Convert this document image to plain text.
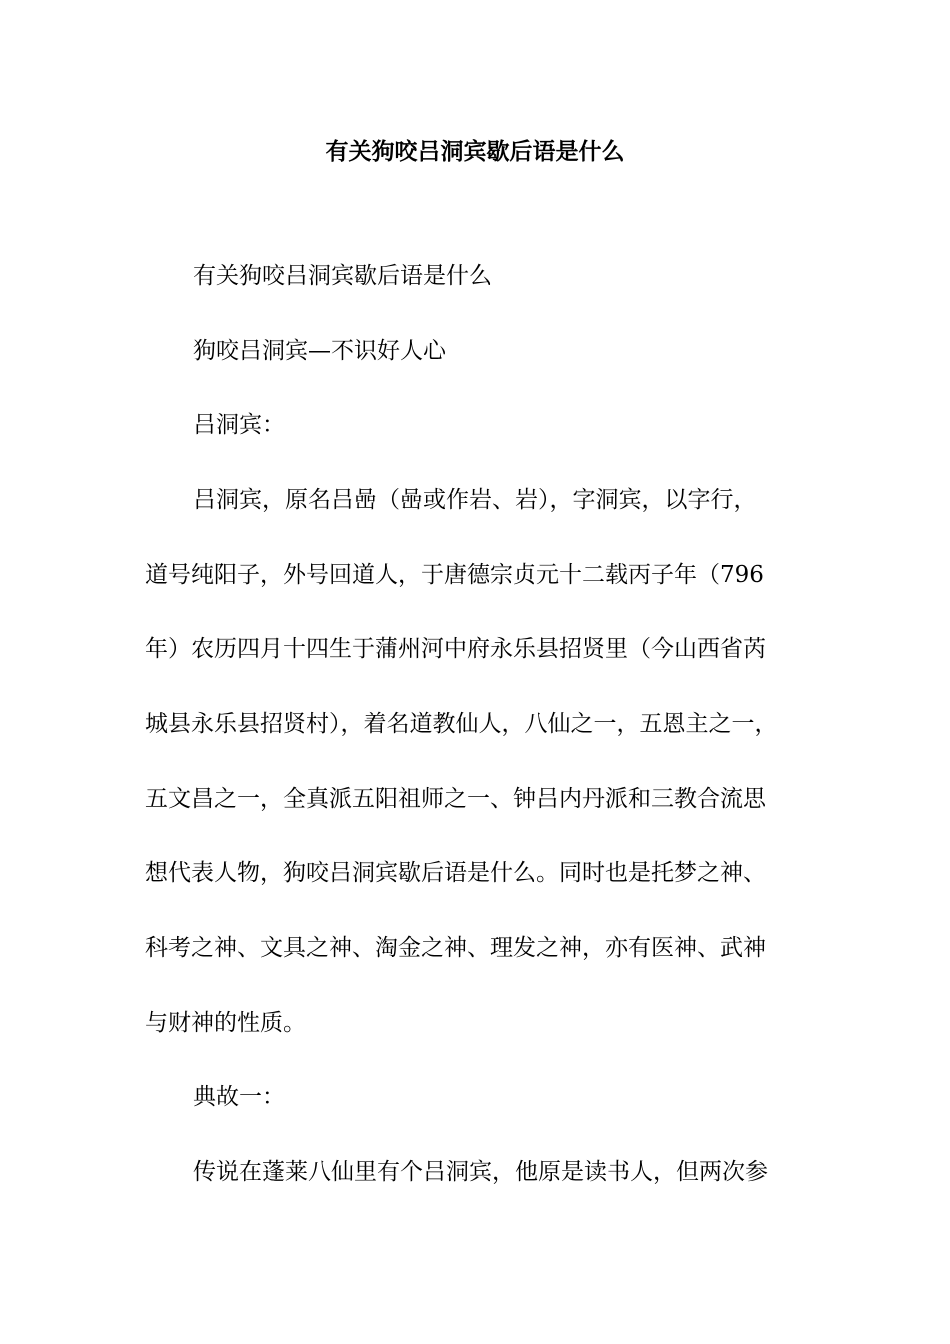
有关狗咬吕洞宾歇后语是什么

有关狗咬吕洞宾歇后语是什么

狗咬吕洞宾—不识好人心

吕洞宾：

吕洞宾，原名吕喦（喦或作岩、岩），字洞宾，以字行，

道号纯阳子，外号回道人，于唐德宗贞元十二载丙子年（796

年）农历四月十四生于蒲州河中府永乐县招贤里（今山西省芮

城县永乐县招贤村），着名道教仙人，八仙之一，五恩主之一，

五文昌之一，全真派五阳祖师之一、钟吕内丹派和三教合流思

想代表人物，狗咬吕洞宾歇后语是什么。同时也是托梦之神、

科考之神、文具之神、淘金之神、理发之神，亦有医神、武神

与财神的性质。

典故一：

传说在蓬莱八仙里有个吕洞宾，他原是读书人，但两次参
